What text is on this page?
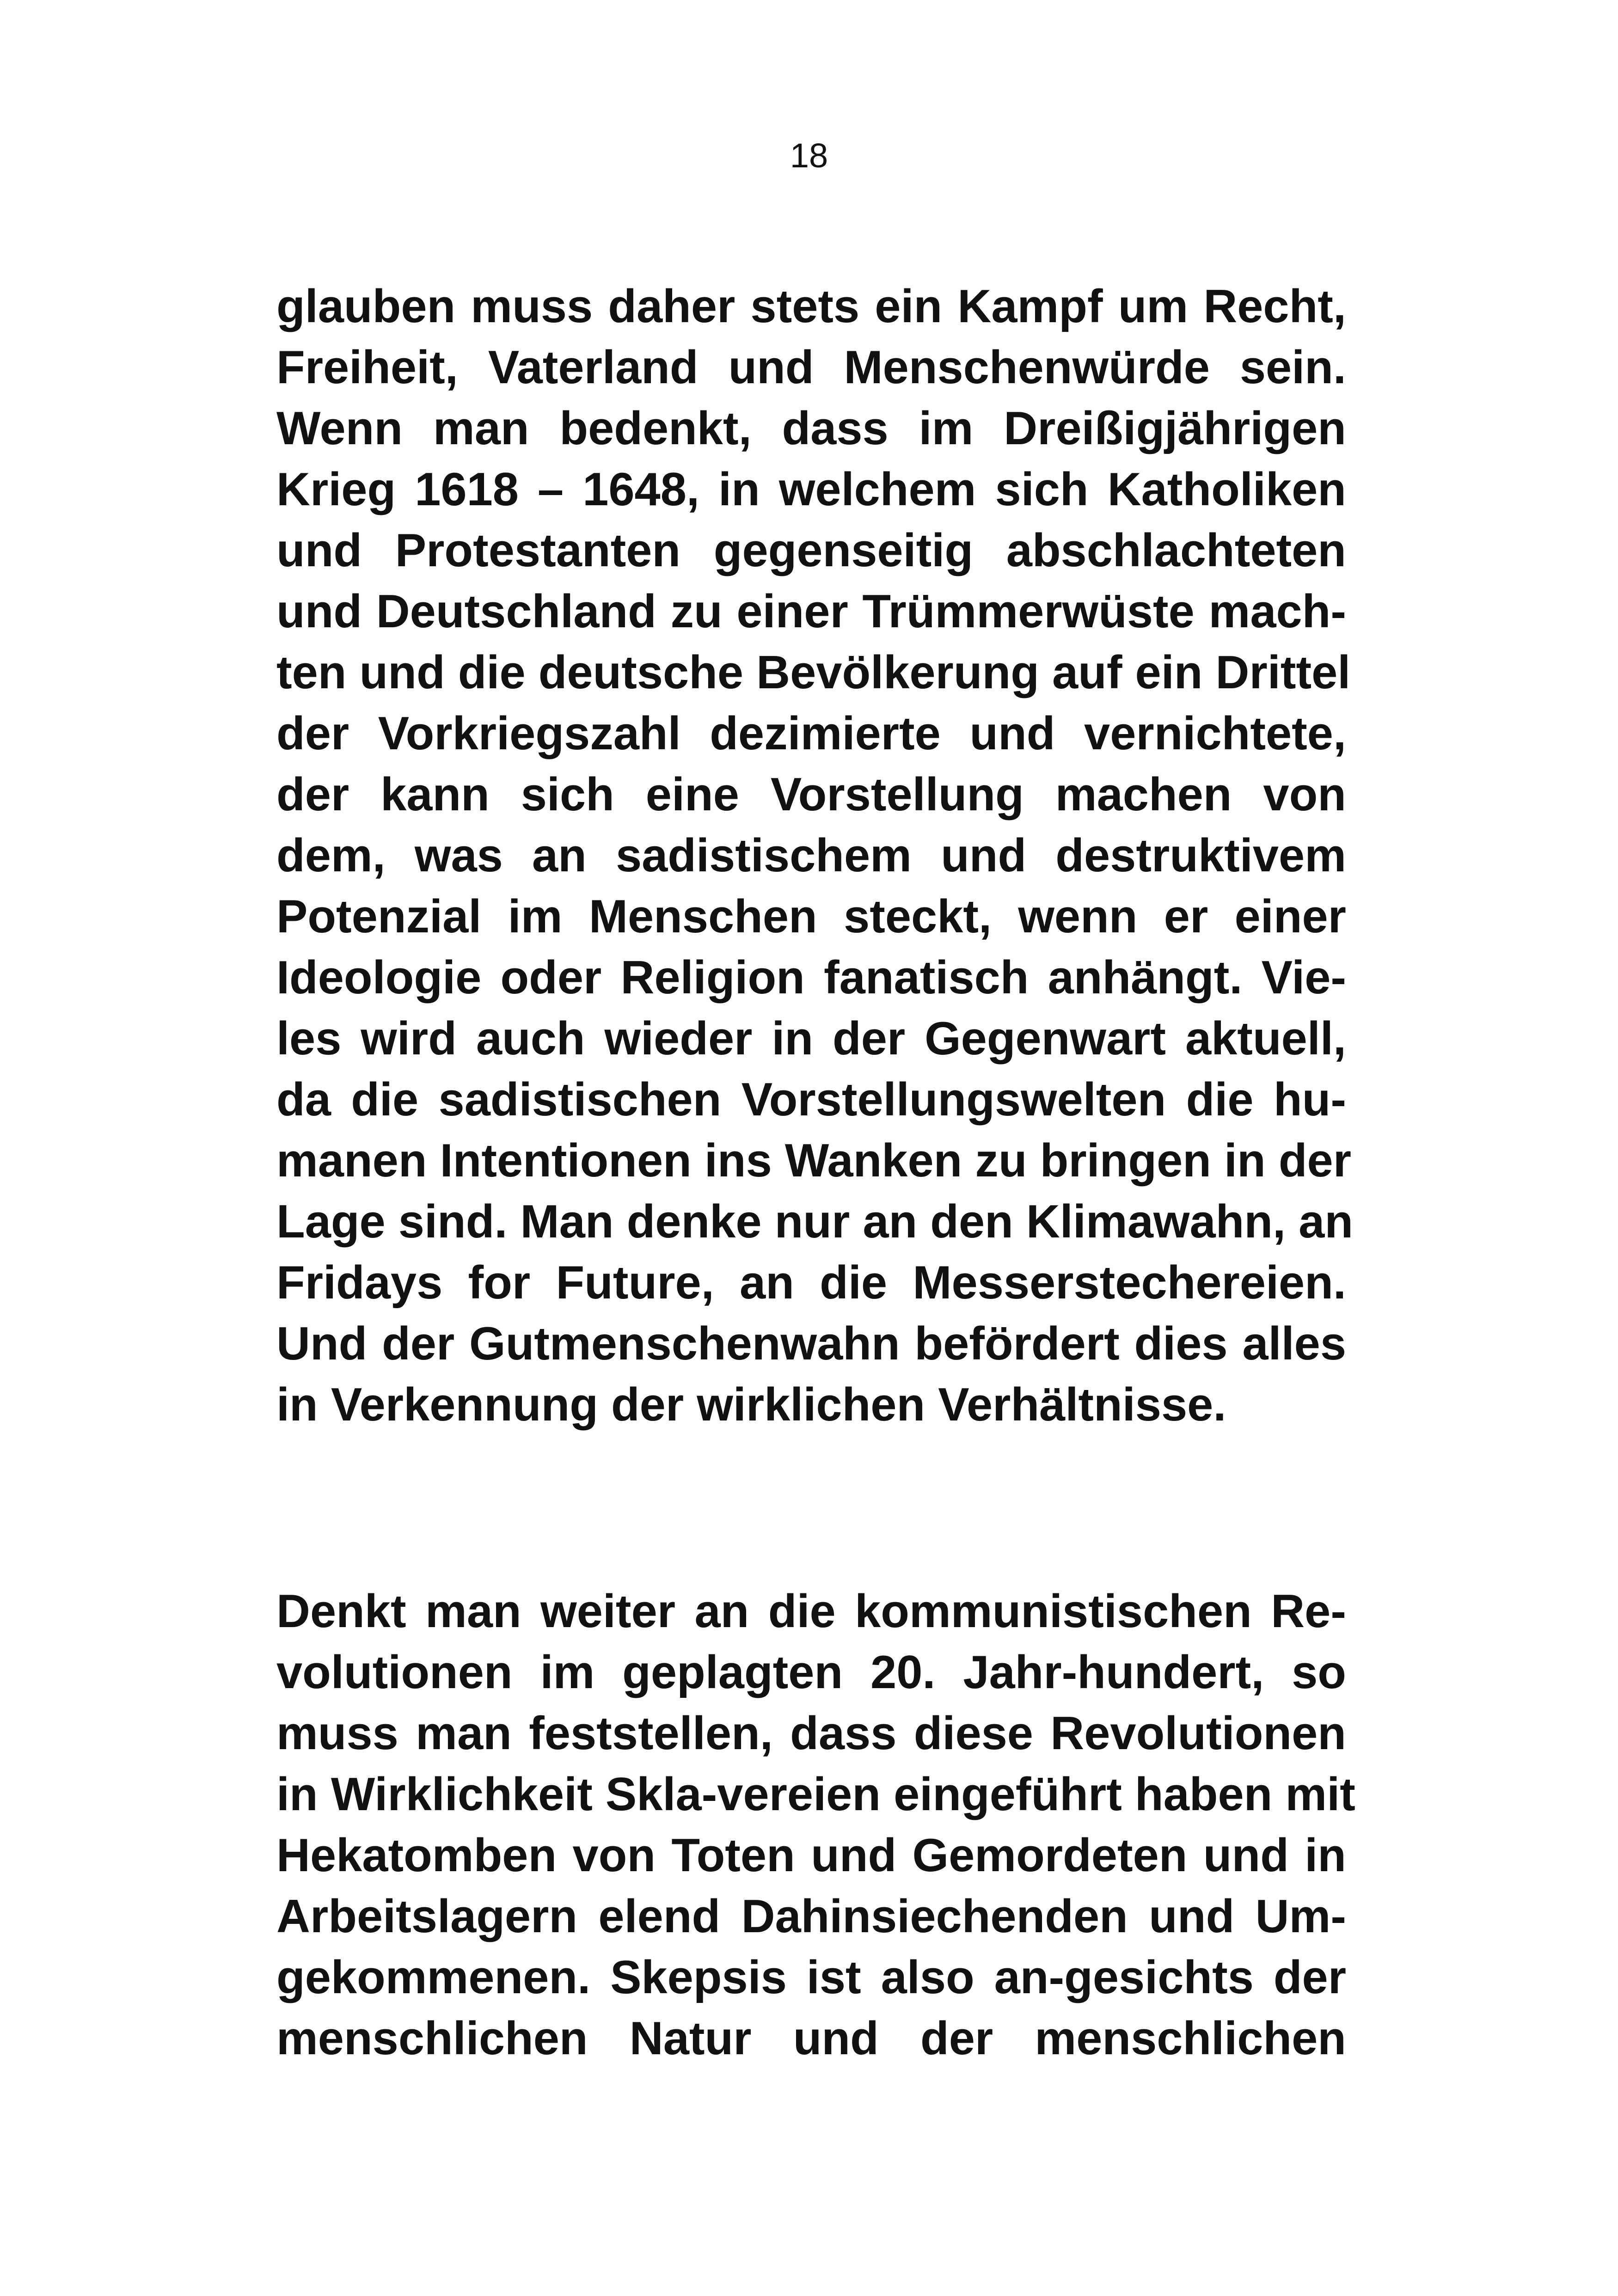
18
glauben muss daher stets ein Kampf um Recht,
Freiheit, Vaterland und Menschenwürde sein.
Wenn man bedenkt, dass im Dreißigjährigen
Krieg 1618 – 1648, in welchem sich Katholiken
und Protestanten gegenseitig abschlachteten
und Deutschland zu einer Trümmerwüste mach-
ten und die deutsche Bevölkerung auf ein Drittel
der Vorkriegszahl dezimierte und vernichtete,
der kann sich eine Vorstellung machen von
dem, was an sadistischem und destruktivem
Potenzial im Menschen steckt, wenn er einer
Ideologie oder Religion fanatisch anhängt. Vie-
les wird auch wieder in der Gegenwart aktuell,
da die sadistischen Vorstellungswelten die hu-
manen Intentionen ins Wanken zu bringen in der
Lage sind. Man denke nur an den Klimawahn, an
Fridays for Future, an die Messerstechereien.
Und der Gutmenschenwahn befördert dies alles
in Verkennung der wirklichen Verhältnisse.
Denkt man weiter an die kommunistischen Re-
volutionen im geplagten 20. Jahr-hundert, so
muss man feststellen, dass diese Revolutionen
in Wirklichkeit Skla-vereien eingeführt haben mit
Hekatomben von Toten und Gemordeten und in
Arbeitslagern elend Dahinsiechenden und Um-
gekommenen. Skepsis ist also an-gesichts der
menschlichen Natur und der menschlichen
